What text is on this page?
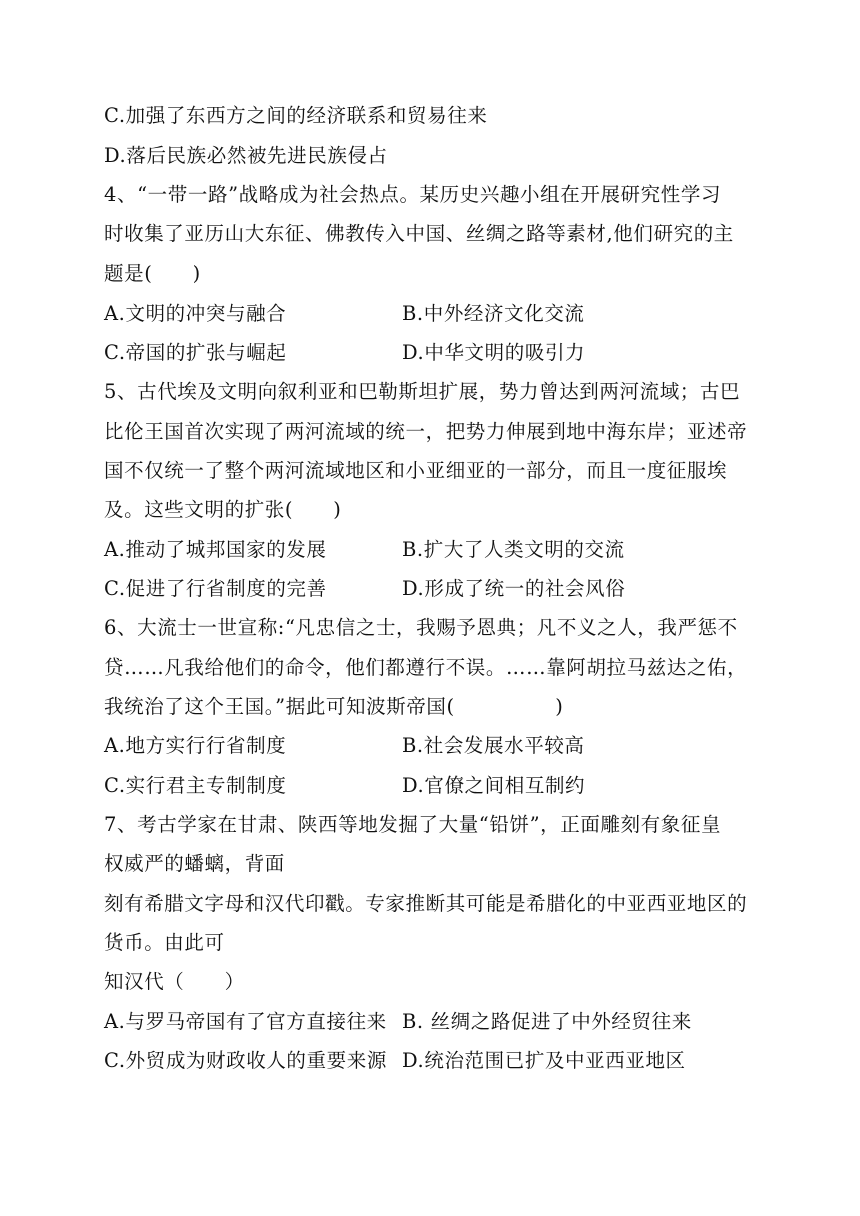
C.加强了东西方之间的经济联系和贸易往来
D.落后民族必然被先进民族侵占
4、“一带一路”战略成为社会热点。某历史兴趣小组在开展研究性学习
时收集了亚历山大东征、佛教传入中国、丝绸之路等素材,他们研究的主
题是(　　)
A.文明的冲突与融合	B.中外经济文化交流
C.帝国的扩张与崛起	D.中华文明的吸引力
5、古代埃及文明向叙利亚和巴勒斯坦扩展，势力曾达到两河流域；古巴
比伦王国首次实现了两河流域的统一，把势力伸展到地中海东岸；亚述帝
国不仅统一了整个两河流域地区和小亚细亚的一部分，而且一度征服埃
及。这些文明的扩张(　　)
A.推动了城邦国家的发展	B.扩大了人类文明的交流
C.促进了行省制度的完善	D.形成了统一的社会风俗
6、大流士一世宣称:“凡忠信之士，我赐予恩典；凡不义之人，我严惩不
贷……凡我给他们的命令，他们都遵行不误。……靠阿胡拉马兹达之佑，
我统治了这个王国。”据此可知波斯帝国(　　　　　)
A.地方实行行省制度	B.社会发展水平较高
C.实行君主专制制度	D.官僚之间相互制约
7、考古学家在甘肃、陕西等地发掘了大量“铅饼”，正面雕刻有象征皇
权威严的蟠螭，背面
刻有希腊文字母和汉代印戳。专家推断其可能是希腊化的中亚西亚地区的
货币。由此可
知汉代（　　）
A.与罗马帝国有了官方直接往来 B. 丝绸之路促进了中外经贸往来
C.外贸成为财政收人的重要来源 D.统治范围已扩及中亚西亚地区
